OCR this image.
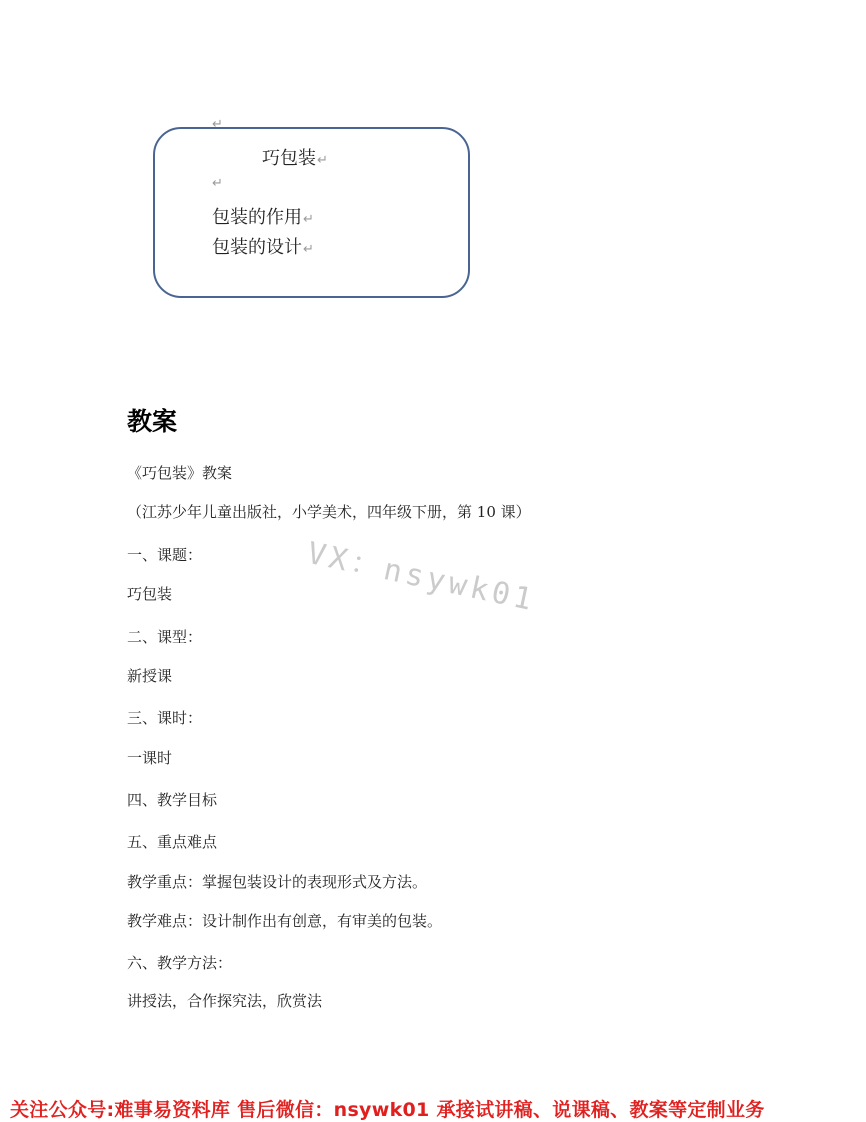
↵
巧包装↵
↵
包装的作用↵
包装的设计↵
教案
《巧包装》教案
（江苏少年儿童出版社，小学美术，四年级下册，第 10 课）
一、课题：
巧包装
二、课型：
新授课
三、课时：
一课时
四、教学目标
五、重点难点
教学重点：掌握包装设计的表现形式及方法。
教学难点：设计制作出有创意，有审美的包装。
六、教学方法：
讲授法，合作探究法，欣赏法
VX：nsywk01
关注公众号:难事易资料库 售后微信：nsywk01 承接试讲稿、说课稿、教案等定制业务
